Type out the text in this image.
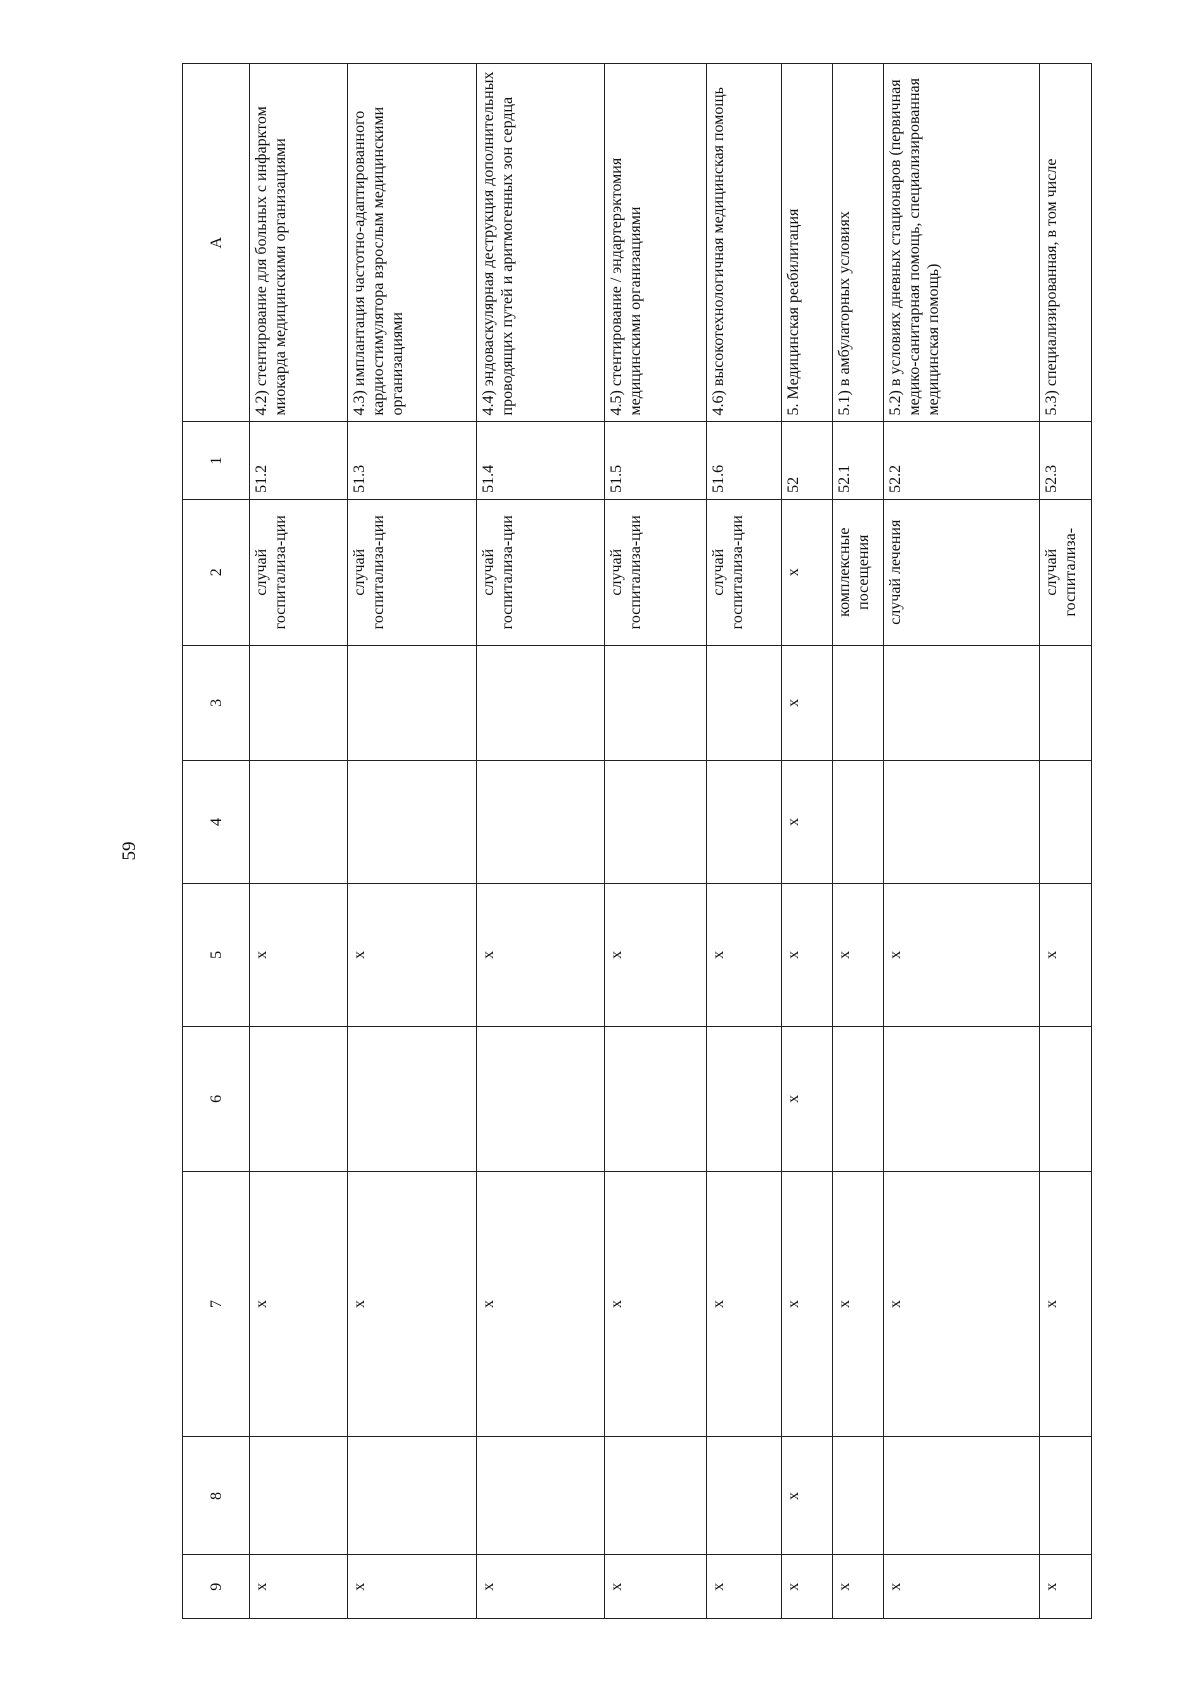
59
9	8	7	6	5	4	3	2	1	А
х		х		х			случай госпитализа-ции	51.2	4.2) стентирование для больных с инфарктом миокарда медицинскими организациями
х		х		х			случай госпитализа-ции	51.3	4.3) имплантация частотно-адаптированного кардиостимулятора взрослым медицинскими организациями
х		х		х			случай госпитализа-ции	51.4	4.4) эндоваскулярная деструкция дополнительных проводящих путей и аритмогенных зон сердца
х		х		х			случай госпитализа-ции	51.5	4.5) стентирование / эндартерэктомия медицинскими организациями
х		х		х			случай госпитализа-ции	51.6	4.6) высокотехнологичная медицинская помощь
х	х	х	х	х	х	х	х	52	5. Медицинская реабилитация
х		х		х			комплексные посещения	52.1	5.1) в амбулаторных условиях
х		х		х			случай лечения	52.2	5.2) в условиях дневных стационаров (первичная медико-санитарная помощь, специализированная медицинская помощь)
х		х		х			случай госпитализа-	52.3	5.3) специализированная, в том числе
